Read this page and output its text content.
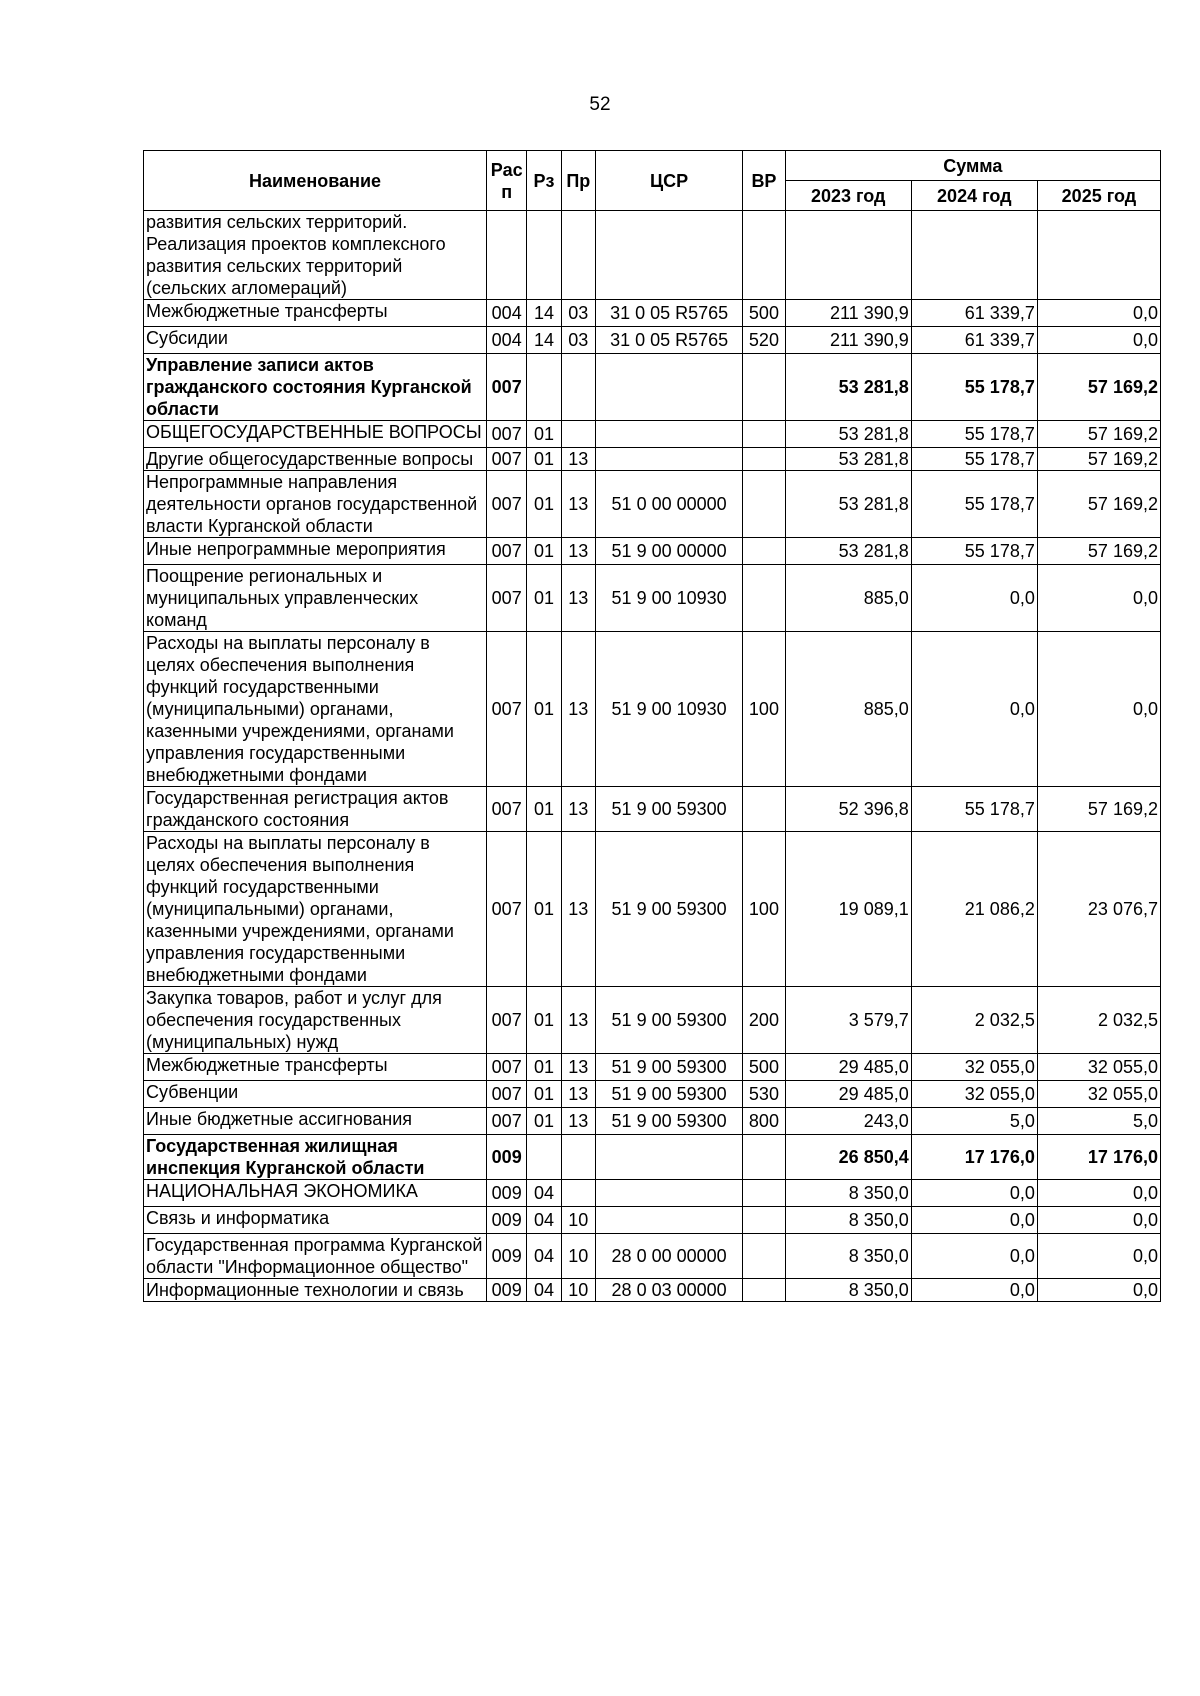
52
Наименование	Рас п	Рз	Пр	ЦСР	ВР	Сумма		
						2023 год	2024 год	2025 год
развития сельских территорий. Реализация проектов комплексного развития сельских территорий (сельских агломераций)								
Межбюджетные трансферты	004	14	03	31 0 05 R5765	500	211 390,9	61 339,7	0,0
Субсидии	004	14	03	31 0 05 R5765	520	211 390,9	61 339,7	0,0
Управление записи актов гражданского состояния Курганской области	007					53 281,8	55 178,7	57 169,2
ОБЩЕГОСУДАРСТВЕННЫЕ ВОПРОСЫ	007	01				53 281,8	55 178,7	57 169,2
Другие общегосударственные вопросы	007	01	13			53 281,8	55 178,7	57 169,2
Непрограммные направления деятельности органов государственной власти Курганской области	007	01	13	51 0 00 00000		53 281,8	55 178,7	57 169,2
Иные непрограммные мероприятия	007	01	13	51 9 00 00000		53 281,8	55 178,7	57 169,2
Поощрение региональных и муниципальных управленческих команд	007	01	13	51 9 00 10930		885,0	0,0	0,0
Расходы на выплаты персоналу в целях обеспечения выполнения функций государственными (муниципальными) органами, казенными учреждениями, органами управления государственными внебюджетными фондами	007	01	13	51 9 00 10930	100	885,0	0,0	0,0
Государственная регистрация актов гражданского состояния	007	01	13	51 9 00 59300		52 396,8	55 178,7	57 169,2
Расходы на выплаты персоналу в целях обеспечения выполнения функций государственными (муниципальными) органами, казенными учреждениями, органами управления государственными внебюджетными фондами	007	01	13	51 9 00 59300	100	19 089,1	21 086,2	23 076,7
Закупка товаров, работ и услуг для обеспечения государственных (муниципальных) нужд	007	01	13	51 9 00 59300	200	3 579,7	2 032,5	2 032,5
Межбюджетные трансферты	007	01	13	51 9 00 59300	500	29 485,0	32 055,0	32 055,0
Субвенции	007	01	13	51 9 00 59300	530	29 485,0	32 055,0	32 055,0
Иные бюджетные ассигнования	007	01	13	51 9 00 59300	800	243,0	5,0	5,0
Государственная жилищная инспекция Курганской области	009					26 850,4	17 176,0	17 176,0
НАЦИОНАЛЬНАЯ ЭКОНОМИКА	009	04				8 350,0	0,0	0,0
Связь и информатика	009	04	10			8 350,0	0,0	0,0
Государственная программа Курганской области "Информационное общество"	009	04	10	28 0 00 00000		8 350,0	0,0	0,0
Информационные технологии и связь	009	04	10	28 0 03 00000		8 350,0	0,0	0,0
